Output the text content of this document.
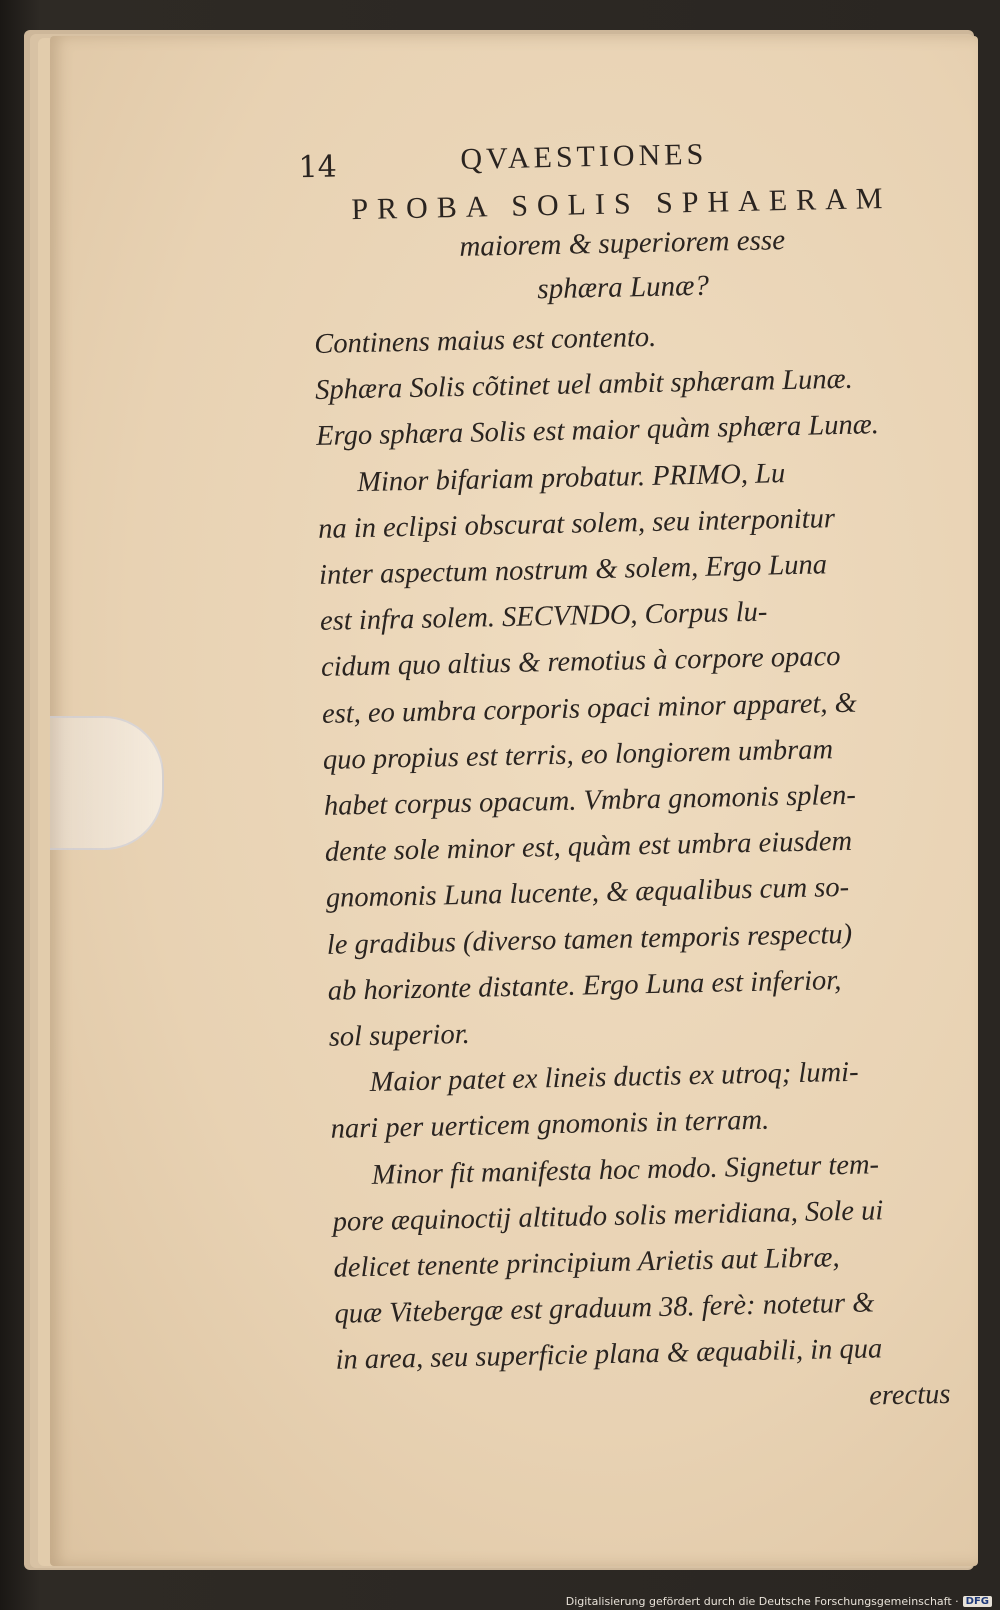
14	QVAESTIONES
PROBA SOLIS SPHAERAM
maiorem & superiorem esse
sphæra Lunæ?
Continens maius est contento.
Sphæra Solis cõtinet uel ambit sphæram Lunæ.
Ergo sphæra Solis est maior quàm sphæra Lunæ.
Minor bifariam probatur. PRIMO, Lu
na in eclipsi obscurat solem, seu interponitur
inter aspectum nostrum & solem, Ergo Luna
est infra solem. SECVNDO, Corpus lu-
cidum quo altius & remotius à corpore opaco
est, eo umbra corporis opaci minor apparet, &
quo propius est terris, eo longiorem umbram
habet corpus opacum. Vmbra gnomonis splen-
dente sole minor est, quàm est umbra eiusdem
gnomonis Luna lucente, & æqualibus cum so-
le gradibus (diverso tamen temporis respectu)
ab horizonte distante. Ergo Luna est inferior,
sol superior.
Maior patet ex lineis ductis ex utroq; lumi-
nari per uerticem gnomonis in terram.
Minor fit manifesta hoc modo. Signetur tem-
pore æquinoctij altitudo solis meridiana, Sole ui
delicet tenente principium Arietis aut Libræ,
quæ Vitebergæ est graduum 38. ferè: notetur &
in area, seu superficie plana & æquabili, in qua
erectus
Digitalisierung gefördert durch die Deutsche Forschungsgemeinschaft · DFG
